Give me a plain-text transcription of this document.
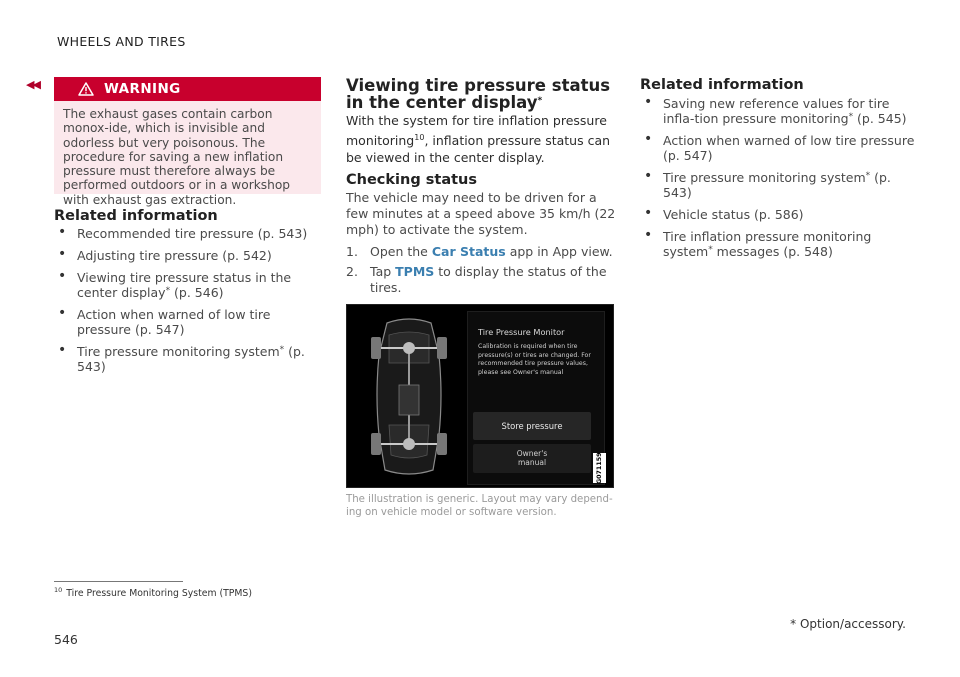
WHEELS AND TIRES
◀◀	WARNING
The exhaust gases contain carbon monox-ide, which is invisible and odorless but very poisonous. The procedure for saving a new inflation pressure must therefore always be performed outdoors or in a workshop with exhaust gas extraction.
Related information
• Recommended tire pressure (p. 543)
• Adjusting tire pressure (p. 542)
• Viewing tire pressure status in the center display* (p. 546)
• Action when warned of low tire pressure (p. 547)
• Tire pressure monitoring system* (p. 543)
Viewing tire pressure status in the center display*
With the system for tire inflation pressure monitoring$^{10}$, inflation pressure status can be viewed in the center display.
Checking status
The vehicle may need to be driven for a few minutes at a speed above 35 km/h (22 mph) to activate the system.
1. Open the Car Status app in App view.
2. Tap TPMS to display the status of the tires.
Tire Pressure Monitor
Calibration is required when tire pressure(s) or tires are changed. For recommended tire pressure values, please see Owner's manual
Store pressure
Owner's manual	G071159
The illustration is generic. Layout may vary depend-ing on vehicle model or software version.
Related information
• Saving new reference values for tire infla-tion pressure monitoring* (p. 545)
• Action when warned of low tire pressure (p. 547)
• Tire pressure monitoring system* (p. 543)
• Vehicle status (p. 586)
• Tire inflation pressure monitoring system* messages (p. 548)
$^{10}$ Tire Pressure Monitoring System (TPMS)
* Option/accessory.
546
